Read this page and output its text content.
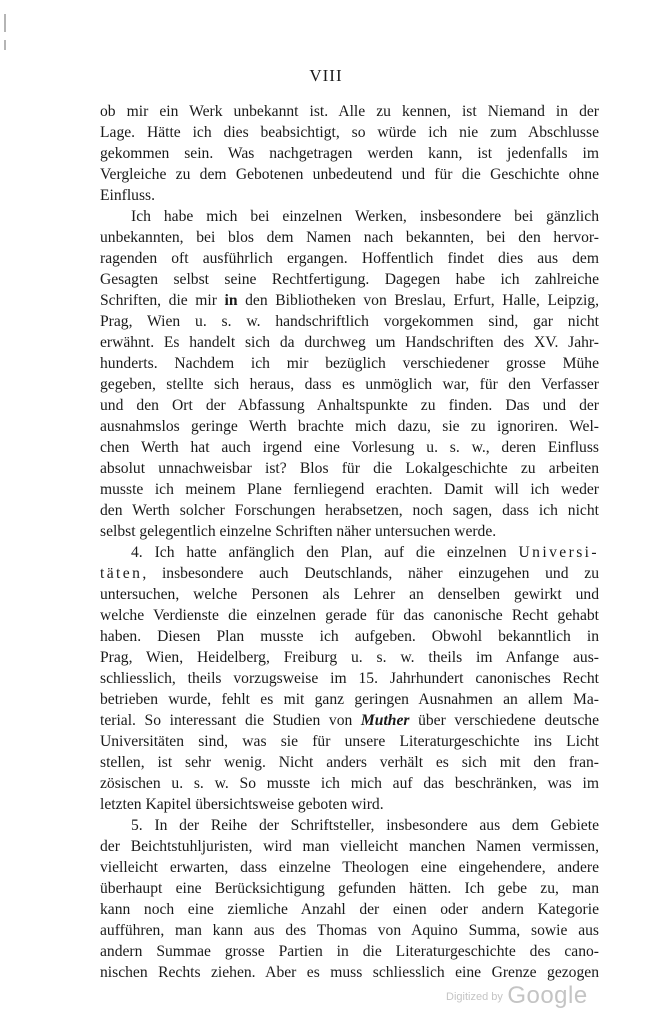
VIII
ob mir ein Werk unbekannt ist. Alle zu kennen, ist Niemand in der
Lage. Hätte ich dies beabsichtigt, so würde ich nie zum Abschlusse
gekommen sein. Was nachgetragen werden kann, ist jedenfalls im
Vergleiche zu dem Gebotenen unbedeutend und für die Geschichte ohne
Einfluss.
Ich habe mich bei einzelnen Werken, insbesondere bei gänzlich
unbekannten, bei blos dem Namen nach bekannten, bei den hervor-
ragenden oft ausführlich ergangen. Hoffentlich findet dies aus dem
Gesagten selbst seine Rechtfertigung. Dagegen habe ich zahlreiche
Schriften, die mir in den Bibliotheken von Breslau, Erfurt, Halle, Leipzig,
Prag, Wien u. s. w. handschriftlich vorgekommen sind, gar nicht
erwähnt. Es handelt sich da durchweg um Handschriften des XV. Jahr-
hunderts. Nachdem ich mir bezüglich verschiedener grosse Mühe
gegeben, stellte sich heraus, dass es unmöglich war, für den Verfasser
und den Ort der Abfassung Anhaltspunkte zu finden. Das und der
ausnahmslos geringe Werth brachte mich dazu, sie zu ignoriren. Wel-
chen Werth hat auch irgend eine Vorlesung u. s. w., deren Einfluss
absolut unnachweisbar ist? Blos für die Lokalgeschichte zu arbeiten
musste ich meinem Plane fernliegend erachten. Damit will ich weder
den Werth solcher Forschungen herabsetzen, noch sagen, dass ich nicht
selbst gelegentlich einzelne Schriften näher untersuchen werde.
4. Ich hatte anfänglich den Plan, auf die einzelnen Universi-
täten, insbesondere auch Deutschlands, näher einzugehen und zu
untersuchen, welche Personen als Lehrer an denselben gewirkt und
welche Verdienste die einzelnen gerade für das canonische Recht gehabt
haben. Diesen Plan musste ich aufgeben. Obwohl bekanntlich in
Prag, Wien, Heidelberg, Freiburg u. s. w. theils im Anfange aus-
schliesslich, theils vorzugsweise im 15. Jahrhundert canonisches Recht
betrieben wurde, fehlt es mit ganz geringen Ausnahmen an allem Ma-
terial. So interessant die Studien von Muther über verschiedene deutsche
Universitäten sind, was sie für unsere Literaturgeschichte ins Licht
stellen, ist sehr wenig. Nicht anders verhält es sich mit den fran-
zösischen u. s. w. So musste ich mich auf das beschränken, was im
letzten Kapitel übersichtsweise geboten wird.
5. In der Reihe der Schriftsteller, insbesondere aus dem Gebiete
der Beichtstuhljuristen, wird man vielleicht manchen Namen vermissen,
vielleicht erwarten, dass einzelne Theologen eine eingehendere, andere
überhaupt eine Berücksichtigung gefunden hätten. Ich gebe zu, man
kann noch eine ziemliche Anzahl der einen oder andern Kategorie
aufführen, man kann aus des Thomas von Aquino Summa, sowie aus
andern Summae grosse Partien in die Literaturgeschichte des cano-
nischen Rechts ziehen. Aber es muss schliesslich eine Grenze gezogen
Digitized by Google
